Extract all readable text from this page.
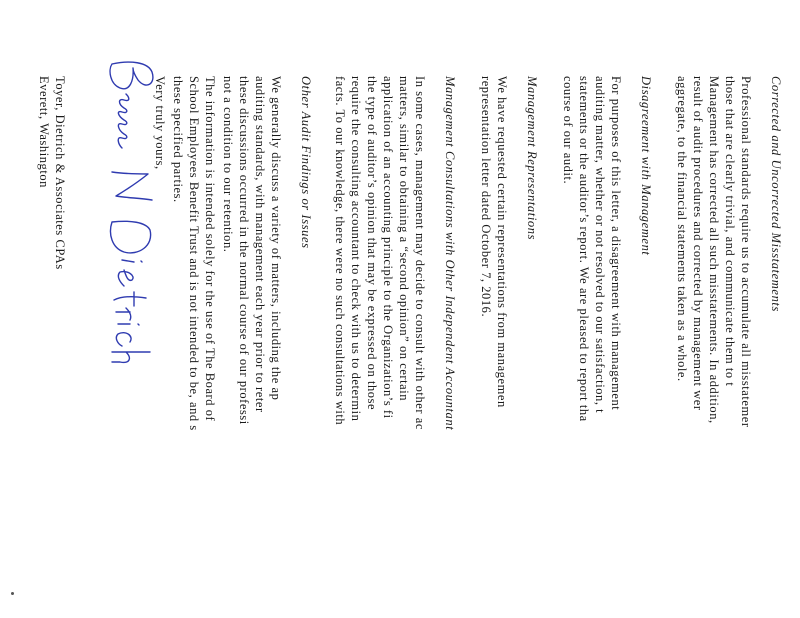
Corrected and Uncorrected Misstatements
Professional standards require us to accumulate all misstatemer
those that are clearly trivial, and communicate them to t
Management has corrected all such misstatements. In addition,
result of audit procedures and corrected by management wer
aggregate, to the financial statements taken as a whole.
Disagreement with Management
For purposes of this letter, a disagreement with management
auditing matter, whether or not resolved to our satisfaction, t
statements or the auditor’s report. We are pleased to report tha
course of our audit.
Management Representations
We have requested certain representations from managemen
representation letter dated October 7, 2016.
Management Consultations with Other Independent Accountant
In some cases, management may decide to consult with other ac
matters, similar to obtaining a “second opinion” on certain
application of an accounting principle to the Organization’s fi
the type of auditor’s opinion that may be expressed on those
require the consulting accountant to check with us to determin
facts. To our knowledge, there were no such consultations with
Other Audit Findings or Issues
We generally discuss a variety of matters, including the ap
auditing standards, with management each year prior to reter
these discussions occurred in the normal course of our professi
not a condition to our retention.
The information is intended solely for the use of The Board of
School Employees Benefit Trust and is not intended to be, and s
these specified parties.
Very truly yours,
Toyer, Dietrich & Associates CPAs
Everett, Washington
